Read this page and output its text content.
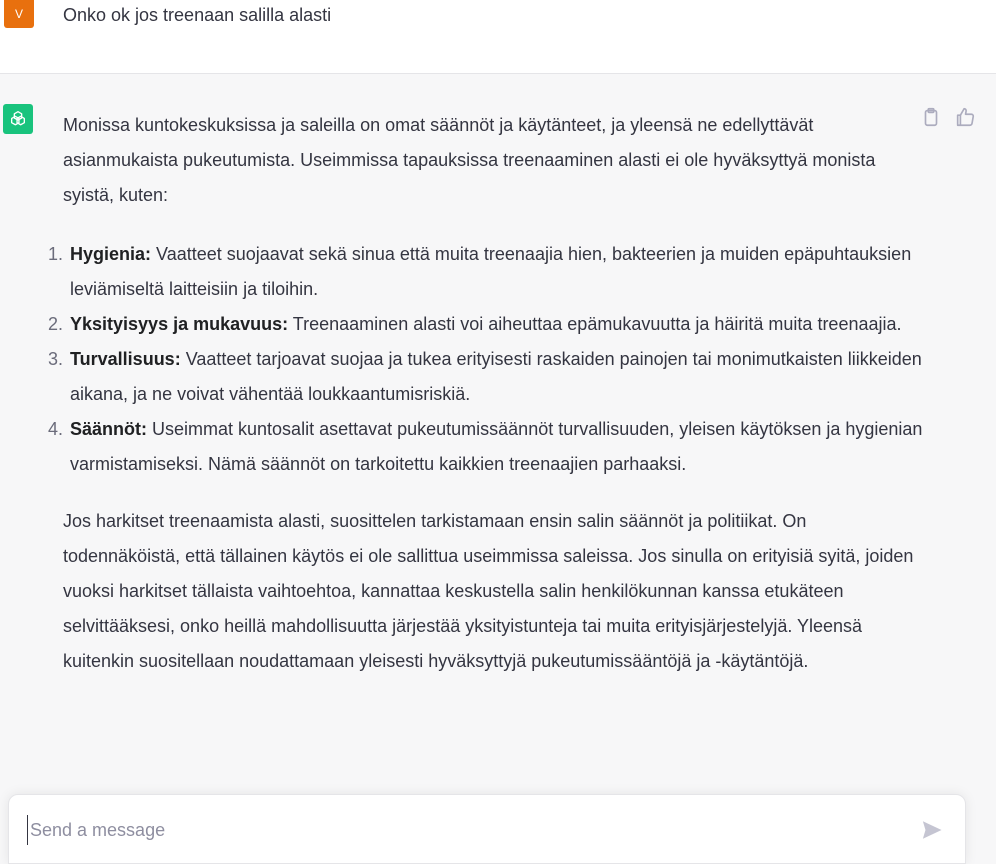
V	Onko ok jos treenaan salilla alasti

Monissa kuntokeskuksissa ja saleilla on omat säännöt ja käytänteet, ja yleensä ne edellyttävät asianmukaista pukeutumista. Useimmissa tapauksissa treenaaminen alasti ei ole hyväksyttyä monista syistä, kuten:

1. Hygienia: Vaatteet suojaavat sekä sinua että muita treenaajia hien, bakteerien ja muiden epäpuhtauksien leviämiseltä laitteisiin ja tiloihin.
2. Yksityisyys ja mukavuus: Treenaaminen alasti voi aiheuttaa epämukavuutta ja häiritä muita treenaajia.
3. Turvallisuus: Vaatteet tarjoavat suojaa ja tukea erityisesti raskaiden painojen tai monimutkaisten liikkeiden aikana, ja ne voivat vähentää loukkaantumisriskiä.
4. Säännöt: Useimmat kuntosalit asettavat pukeutumissäännöt turvallisuuden, yleisen käytöksen ja hygienian varmistamiseksi. Nämä säännöt on tarkoitettu kaikkien treenaajien parhaaksi.

Jos harkitset treenaamista alasti, suosittelen tarkistamaan ensin salin säännöt ja politiikat. On todennäköistä, että tällainen käytös ei ole sallittua useimmissa saleissa. Jos sinulla on erityisiä syitä, joiden vuoksi harkitset tällaista vaihtoehtoa, kannattaa keskustella salin henkilökunnan kanssa etukäteen selvittääksesi, onko heillä mahdollisuutta järjestää yksityistunteja tai muita erityisjärjestelyjä. Yleensä kuitenkin suositellaan noudattamaan yleisesti hyväksyttyjä pukeutumissääntöjä ja -käytäntöjä.

Send a message
